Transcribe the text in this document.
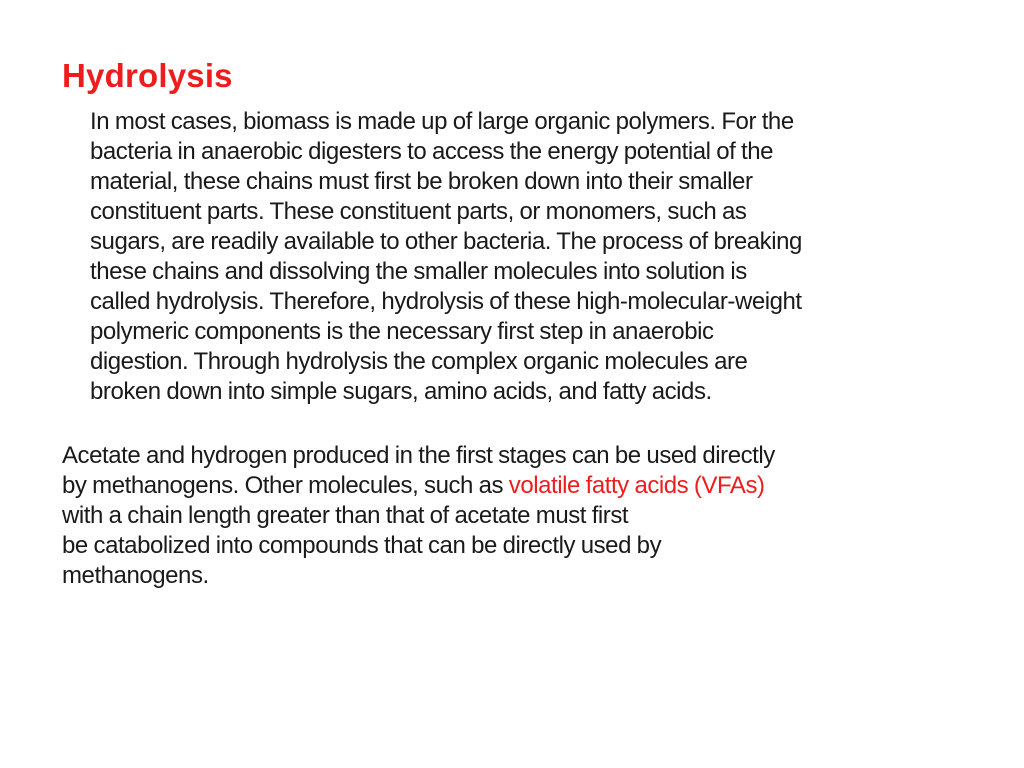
Hydrolysis

In most cases, biomass is made up of large organic polymers. For the
bacteria in anaerobic digesters to access the energy potential of the
material, these chains must first be broken down into their smaller
constituent parts. These constituent parts, or monomers, such as
sugars, are readily available to other bacteria. The process of breaking
these chains and dissolving the smaller molecules into solution is
called hydrolysis. Therefore, hydrolysis of these high-molecular-weight
polymeric components is the necessary first step in anaerobic
digestion. Through hydrolysis the complex organic molecules are
broken down into simple sugars, amino acids, and fatty acids.

Acetate and hydrogen produced in the first stages can be used directly
by methanogens. Other molecules, such as volatile fatty acids (VFAs)
with a chain length greater than that of acetate must first
be catabolized into compounds that can be directly used by
methanogens.
